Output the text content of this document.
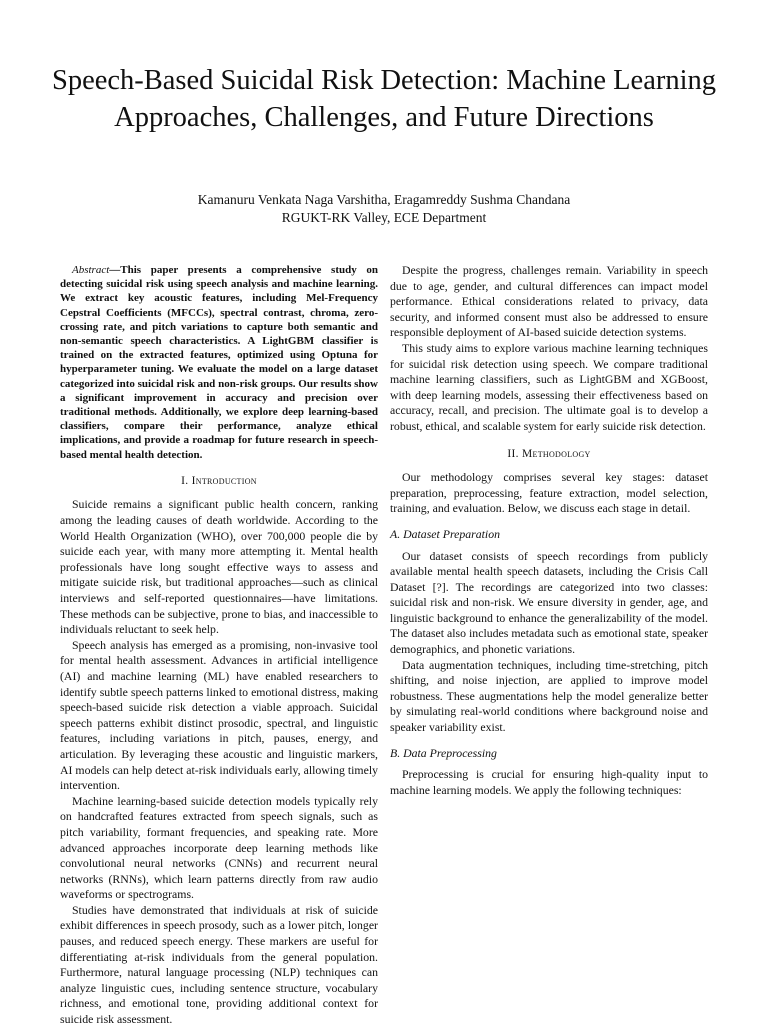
Speech-Based Suicidal Risk Detection: Machine Learning Approaches, Challenges, and Future Directions
Kamanuru Venkata Naga Varshitha, Eragamreddy Sushma Chandana
RGUKT-RK Valley, ECE Department

Abstract—This paper presents a comprehensive study on detecting suicidal risk using speech analysis and machine learning. We extract key acoustic features, including Mel-Frequency Cepstral Coefficients (MFCCs), spectral contrast, chroma, zero-crossing rate, and pitch variations to capture both semantic and non-semantic speech characteristics. A LightGBM classifier is trained on the extracted features, optimized using Optuna for hyperparameter tuning. We evaluate the model on a large dataset categorized into suicidal risk and non-risk groups. Our results show a significant improvement in accuracy and precision over traditional methods. Additionally, we explore deep learning-based classifiers, compare their performance, analyze ethical implications, and provide a roadmap for future research in speech-based mental health detection.

I. Introduction

Suicide remains a significant public health concern, ranking among the leading causes of death worldwide. According to the World Health Organization (WHO), over 700,000 people die by suicide each year, with many more attempting it. Mental health professionals have long sought effective ways to assess and mitigate suicide risk, but traditional approaches—such as clinical interviews and self-reported questionnaires—have limitations. These methods can be subjective, prone to bias, and inaccessible to individuals reluctant to seek help.

Speech analysis has emerged as a promising, non-invasive tool for mental health assessment. Advances in artificial intelligence (AI) and machine learning (ML) have enabled researchers to identify subtle speech patterns linked to emotional distress, making speech-based suicide risk detection a viable approach. Suicidal speech patterns exhibit distinct prosodic, spectral, and linguistic features, including variations in pitch, pauses, energy, and articulation. By leveraging these acoustic and linguistic markers, AI models can help detect at-risk individuals early, allowing timely intervention.

Machine learning-based suicide detection models typically rely on handcrafted features extracted from speech signals, such as pitch variability, formant frequencies, and speaking rate. More advanced approaches incorporate deep learning methods like convolutional neural networks (CNNs) and recurrent neural networks (RNNs), which learn patterns directly from raw audio waveforms or spectrograms.

Studies have demonstrated that individuals at risk of suicide exhibit differences in speech prosody, such as a lower pitch, longer pauses, and reduced speech energy. These markers are useful for differentiating at-risk individuals from the general population. Furthermore, natural language processing (NLP) techniques can analyze linguistic cues, including sentence structure, vocabulary richness, and emotional tone, providing additional context for suicide risk assessment.

Despite the progress, challenges remain. Variability in speech due to age, gender, and cultural differences can impact model performance. Ethical considerations related to privacy, data security, and informed consent must also be addressed to ensure responsible deployment of AI-based suicide detection systems.

This study aims to explore various machine learning techniques for suicidal risk detection using speech. We compare traditional machine learning classifiers, such as LightGBM and XGBoost, with deep learning models, assessing their effectiveness based on accuracy, recall, and precision. The ultimate goal is to develop a robust, ethical, and scalable system for early suicide risk detection.

II. Methodology

Our methodology comprises several key stages: dataset preparation, preprocessing, feature extraction, model selection, training, and evaluation. Below, we discuss each stage in detail.

A. Dataset Preparation

Our dataset consists of speech recordings from publicly available mental health speech datasets, including the Crisis Call Dataset [?]. The recordings are categorized into two classes: suicidal risk and non-risk. We ensure diversity in gender, age, and linguistic background to enhance the generalizability of the model. The dataset also includes metadata such as emotional state, speaker demographics, and phonetic variations.

Data augmentation techniques, including time-stretching, pitch shifting, and noise injection, are applied to improve model robustness. These augmentations help the model generalize better by simulating real-world conditions where background noise and speaker variability exist.

B. Data Preprocessing

Preprocessing is crucial for ensuring high-quality input to machine learning models. We apply the following techniques:
